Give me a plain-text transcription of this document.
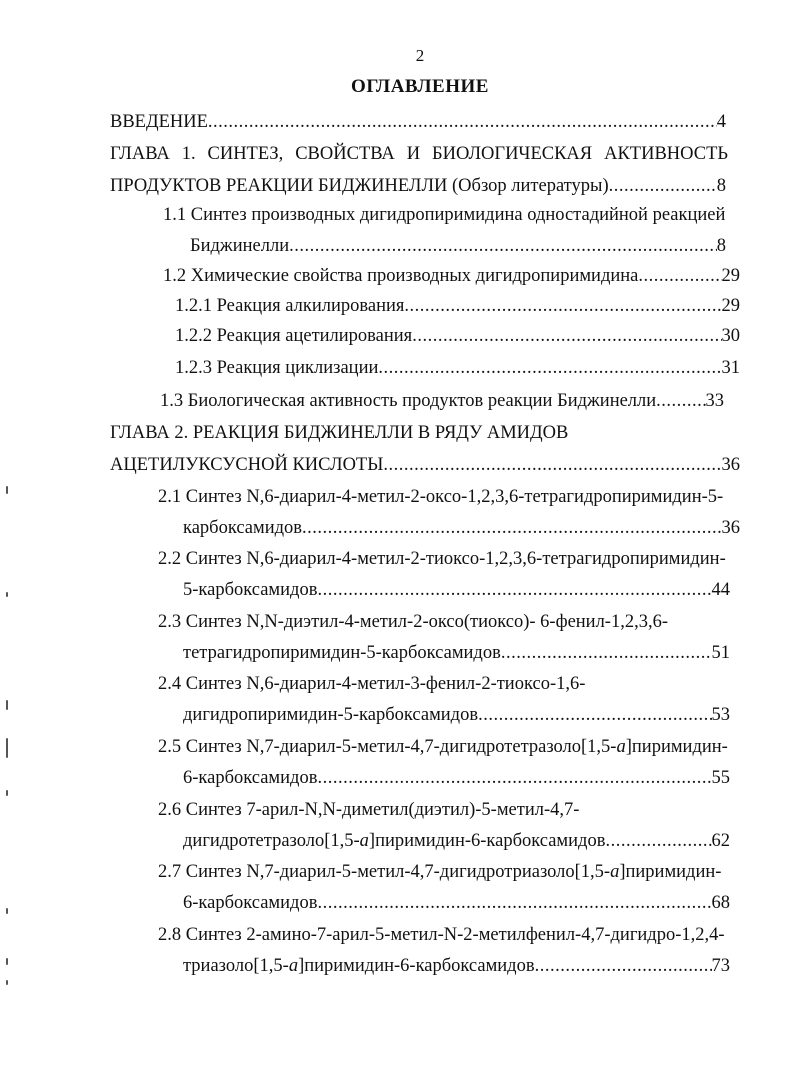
2
ОГЛАВЛЕНИЕ
ВВЕДЕНИЕ .....	4
ГЛАВА 1. СИНТЕЗ, СВОЙСТВА И БИОЛОГИЧЕСКАЯ АКТИВНОСТЬ
ПРОДУКТОВ РЕАКЦИИ БИДЖИНЕЛЛИ (Обзор литературы) .....	8
1.1 Синтез производных дигидропиримидина одностадийной реакцией
Биджинелли .....	8
1.2 Химические свойства производных дигидропиримидина .....	29
1.2.1 Реакция алкилирования .....	29
1.2.2 Реакция ацетилирования .....	30
1.2.3 Реакция циклизации .....	31
1.3 Биологическая активность продуктов реакции Биджинелли .....	33
ГЛАВА 2. РЕАКЦИЯ БИДЖИНЕЛЛИ В РЯДУ АМИДОВ
АЦЕТИЛУКСУСНОЙ КИСЛОТЫ .....	36
2.1 Синтез N,6-диарил-4-метил-2-оксо-1,2,3,6-тетрагидропиримидин-5-
карбоксамидов .....	36
2.2 Синтез N,6-диарил-4-метил-2-тиоксо-1,2,3,6-тетрагидропиримидин-
5-карбоксамидов .....	44
2.3 Синтез N,N-диэтил-4-метил-2-оксо(тиоксо)- 6-фенил-1,2,3,6-
тетрагидропиримидин-5-карбоксамидов .....	51
2.4 Синтез N,6-диарил-4-метил-3-фенил-2-тиоксо-1,6-
дигидропиримидин-5-карбоксамидов .....	53
2.5 Синтез N,7-диарил-5-метил-4,7-дигидротетразоло[1,5-a]пиримидин-
6-карбоксамидов .....	55
2.6 Синтез 7-арил-N,N-диметил(диэтил)-5-метил-4,7-
дигидротетразоло[1,5-a]пиримидин-6-карбоксамидов .....	62
2.7 Синтез N,7-диарил-5-метил-4,7-дигидротриазоло[1,5-a]пиримидин-
6-карбоксамидов .....	68
2.8 Синтез 2-амино-7-арил-5-метил-N-2-метилфенил-4,7-дигидро-1,2,4-
триазоло[1,5-a]пиримидин-6-карбоксамидов .....	73
